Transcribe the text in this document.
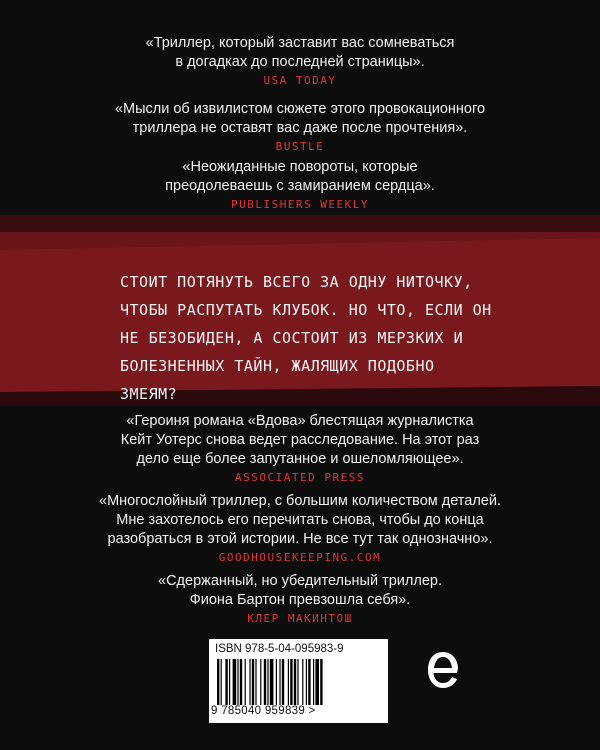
«Триллер, который заставит вас сомневаться
в догадках до последней страницы».

USA TODAY

«Мысли об извилистом сюжете этого провокационного
триллера не оставят вас даже после прочтения».

BUSTLE

«Неожиданные повороты, которые
преодолеваешь с замиранием сердца».

PUBLISHERS WEEKLY
СТОИТ ПОТЯНУТЬ ВСЕГО ЗА ОДНУ НИТОЧКУ,
ЧТОБЫ РАСПУТАТЬ КЛУБОК. НО ЧТО, ЕСЛИ ОН
НЕ БЕЗОБИДЕН, А СОСТОИТ ИЗ МЕРЗКИХ И
БОЛЕЗНЕННЫХ ТАЙН, ЖАЛЯЩИХ ПОДОБНО ЗМЕЯМ?

«Героиня романа «Вдова» блестящая журналистка
Кейт Уотерс снова ведет расследование. На этот раз
дело еще более запутанное и ошеломляющее».

ASSOCIATED PRESS

«Многослойный триллер, с большим количеством деталей.
Мне захотелось его перечитать снова, чтобы до конца
разобраться в этой истории. Не все тут так однозначно».

GOODHOUSEKEEPING.COM

«Сдержанный, но убедительный триллер.
Фиона Бартон превзошла себя».

КЛЕР МАКИНТОШ
ISBN 978-5-04-095983-9
9 785040 959839 >
